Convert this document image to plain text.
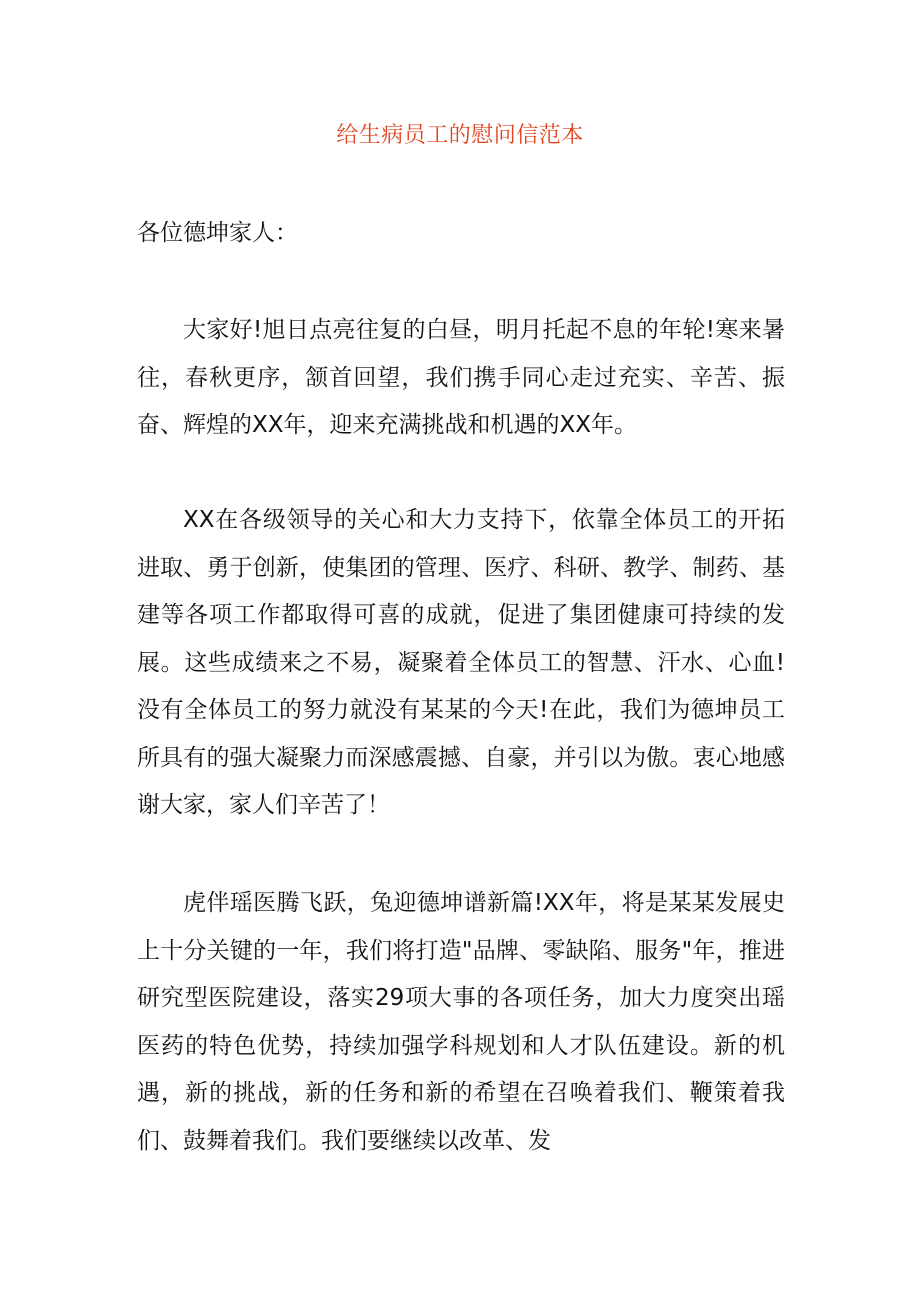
给生病员工的慰问信范本
各位德坤家人：

大家好!旭日点亮往复的白昼，明月托起不息的年轮!寒来暑往，春秋更序，颔首回望，我们携手同心走过充实、辛苦、振奋、辉煌的XX年，迎来充满挑战和机遇的XX年。

XX在各级领导的关心和大力支持下，依靠全体员工的开拓进取、勇于创新，使集团的管理、医疗、科研、教学、制药、基建等各项工作都取得可喜的成就，促进了集团健康可持续的发展。这些成绩来之不易，凝聚着全体员工的智慧、汗水、心血!没有全体员工的努力就没有某某的今天!在此，我们为德坤员工所具有的强大凝聚力而深感震撼、自豪，并引以为傲。衷心地感谢大家，家人们辛苦了！

虎伴瑶医腾飞跃，兔迎德坤谱新篇!XX年，将是某某发展史上十分关键的一年，我们将打造"品牌、零缺陷、服务"年，推进研究型医院建设，落实29项大事的各项任务，加大力度突出瑶医药的特色优势，持续加强学科规划和人才队伍建设。新的机遇，新的挑战，新的任务和新的希望在召唤着我们、鞭策着我们、鼓舞着我们。我们要继续以改革、发
